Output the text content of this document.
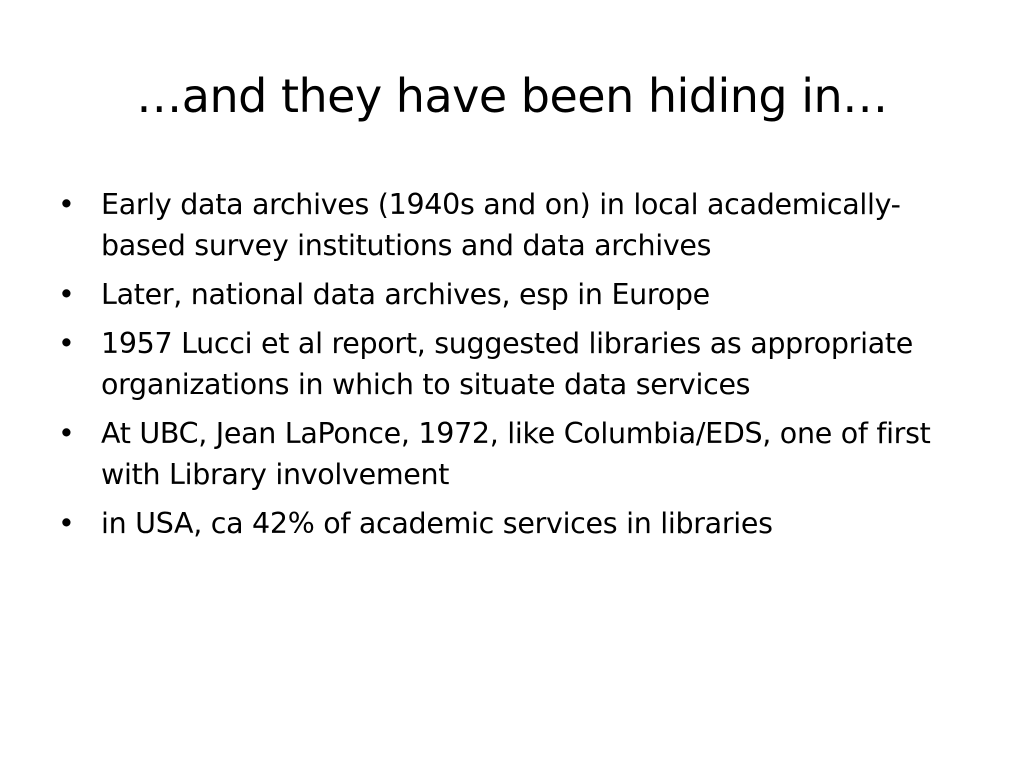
…and they have been hiding in…
• Early data archives (1940s and on) in local academically-based survey institutions and data archives
• Later, national data archives, esp in Europe
• 1957 Lucci et al report, suggested libraries as appropriate organizations in which to situate data services
• At UBC, Jean LaPonce, 1972, like Columbia/EDS, one of first with Library involvement
• in USA, ca 42% of academic services in libraries
